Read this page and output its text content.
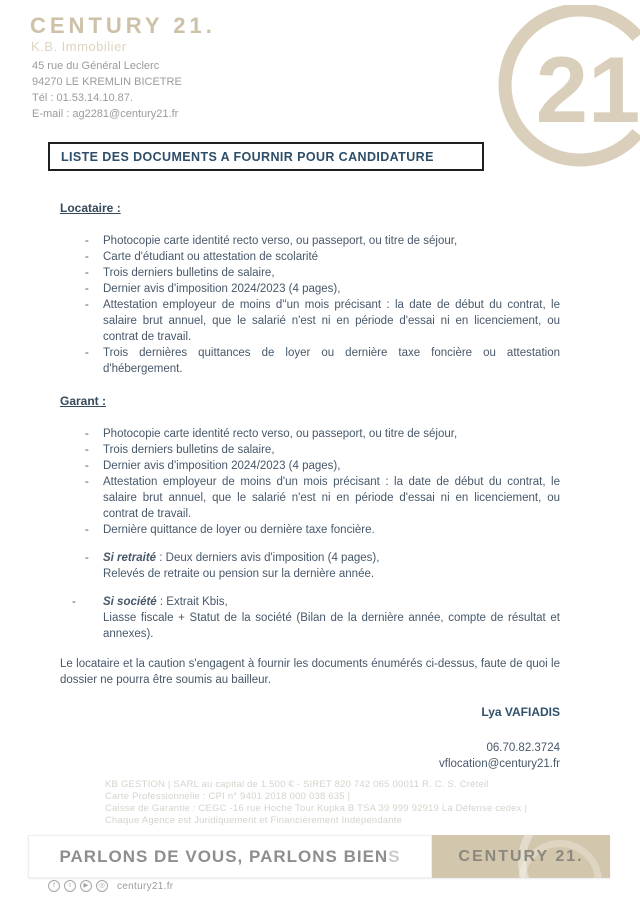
CENTURY 21.
K.B. Immobilier
45 rue du Général Leclerc
94270 LE KREMLIN BICETRE
Tél : 01.53.14.10.87.
E-mail : ag2281@century21.fr	21
LISTE DES DOCUMENTS A FOURNIR POUR CANDIDATURE
Locataire :
-	Photocopie carte identité recto verso, ou passeport, ou titre de séjour,
-	Carte d'étudiant ou attestation de scolarité
-	Trois derniers bulletins de salaire,
-	Dernier avis d'imposition 2024/2023 (4 pages),
-	Attestation employeur de moins d''un mois précisant : la date de début du contrat, le salaire brut annuel, que le salarié n'est ni en période d'essai ni en licenciement, ou contrat de travail.
-	Trois dernières quittances de loyer ou dernière taxe foncière ou attestation d'hébergement.
Garant :
-	Photocopie carte identité recto verso, ou passeport, ou titre de séjour,
-	Trois derniers bulletins de salaire,
-	Dernier avis d'imposition 2024/2023 (4 pages),
-	Attestation employeur de moins d'un mois précisant : la date de début du contrat, le salaire brut annuel, que le salarié n'est ni en période d'essai ni en licenciement, ou contrat de travail.
-	Dernière quittance de loyer ou dernière taxe foncière.
-	Si retraité : Deux derniers avis d'imposition (4 pages),
Relevés de retraite ou pension sur la dernière année.
-	Si société : Extrait Kbis,
Liasse fiscale + Statut de la société (Bilan de la dernière année, compte de résultat et annexes).
Le locataire et la caution s'engagent à fournir les documents énumérés ci-dessus, faute de quoi le dossier ne pourra être soumis au bailleur.
Lya VAFIADIS
06.70.82.3724
vflocation@century21.fr
KB GESTION | SARL au capital de 1.500 € - SIRET 820 742 065 00011 R. C. S. Créteil
Carte Professionnelle : CPI n° 9401 2018 000 038 635 |
Caisse de Garantie : CEGC -16 rue Hoche Tour Kupka B TSA 39 999 92919 La Défense cedex |
Chaque Agence est Juridiquement et Financièrement Indépendante
PARLONS DE VOUS, PARLONS BIENS	CENTURY 21.
f	t	▶	◎	century21.fr
